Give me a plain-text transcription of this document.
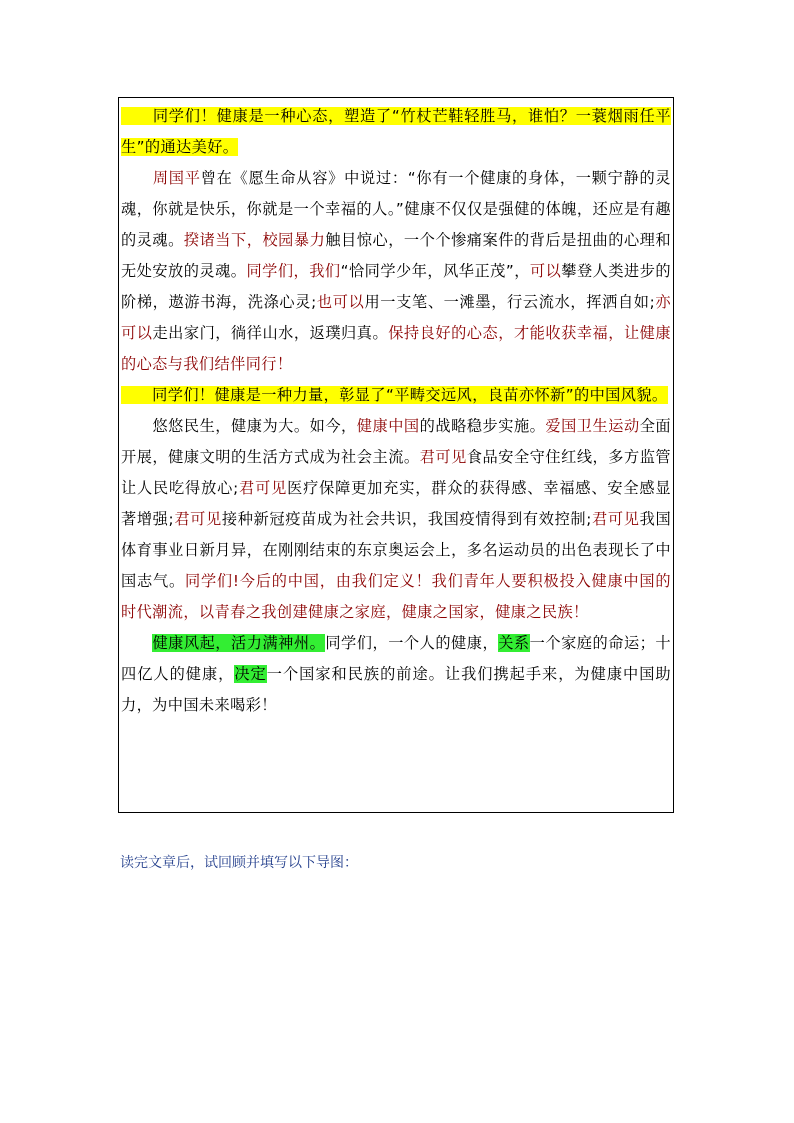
　　同学们！健康是一种心态，塑造了“竹杖芒鞋轻胜马，谁怕？一蓑烟雨任平生”的通达美好。

　　周国平曾在《愿生命从容》中说过：“你有一个健康的身体，一颗宁静的灵魂，你就是快乐，你就是一个幸福的人。”健康不仅仅是强健的体魄，还应是有趣的灵魂。揆诸当下，校园暴力触目惊心，一个个惨痛案件的背后是扭曲的心理和无处安放的灵魂。同学们，我们“恰同学少年，风华正茂”，可以攀登人类进步的阶梯，遨游书海，洗涤心灵;也可以用一支笔、一滩墨，行云流水，挥洒自如;亦可以走出家门，徜徉山水，返璞归真。保持良好的心态，才能收获幸福，让健康的心态与我们结伴同行！

　　同学们！健康是一种力量，彰显了“平畴交远风，良苗亦怀新”的中国风貌。

　　悠悠民生，健康为大。如今，健康中国的战略稳步实施。爱国卫生运动全面开展，健康文明的生活方式成为社会主流。君可见食品安全守住红线，多方监管让人民吃得放心;君可见医疗保障更加充实，群众的获得感、幸福感、安全感显著增强;君可见接种新冠疫苗成为社会共识，我国疫情得到有效控制;君可见我国体育事业日新月异，在刚刚结束的东京奥运会上，多名运动员的出色表现长了中国志气。同学们!今后的中国，由我们定义！我们青年人要积极投入健康中国的时代潮流，以青春之我创建健康之家庭，健康之国家，健康之民族！

　　健康风起，活力满神州。同学们，一个人的健康，关系一个家庭的命运；十四亿人的健康，决定一个国家和民族的前途。让我们携起手来，为健康中国助力，为中国未来喝彩！

读完文章后，试回顾并填写以下导图：
